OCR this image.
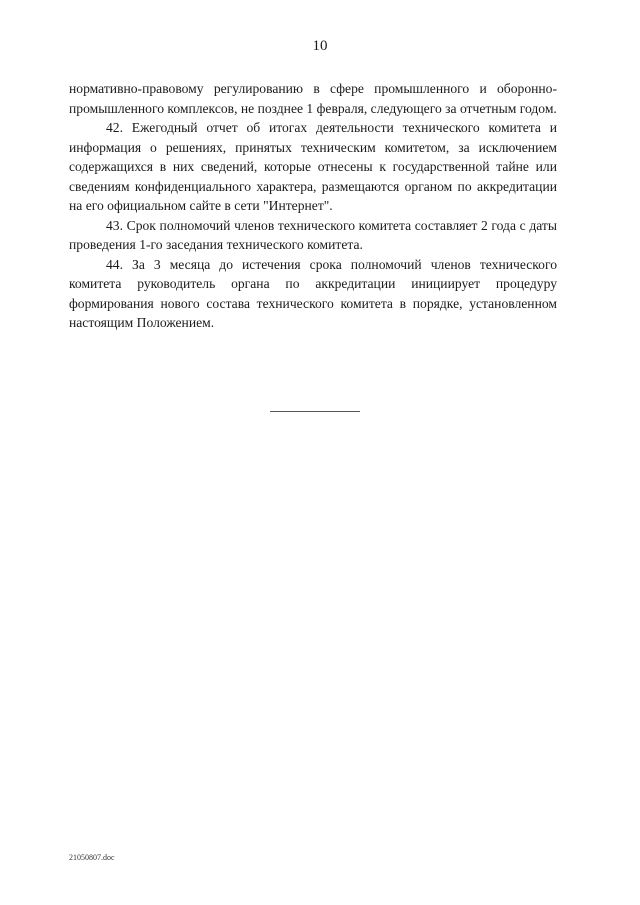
10

нормативно-правовому регулированию в сфере промышленного и оборонно-промышленного комплексов, не позднее 1 февраля, следующего за отчетным годом.

42. Ежегодный отчет об итогах деятельности технического комитета и информация о решениях, принятых техническим комитетом, за исключением содержащихся в них сведений, которые отнесены к государственной тайне или сведениям конфиденциального характера, размещаются органом по аккредитации на его официальном сайте в сети "Интернет".

43. Срок полномочий членов технического комитета составляет 2 года с даты проведения 1-го заседания технического комитета.

44. За 3 месяца до истечения срока полномочий членов технического комитета руководитель органа по аккредитации инициирует процедуру формирования нового состава технического комитета в порядке, установленном настоящим Положением.

21050807.doc
